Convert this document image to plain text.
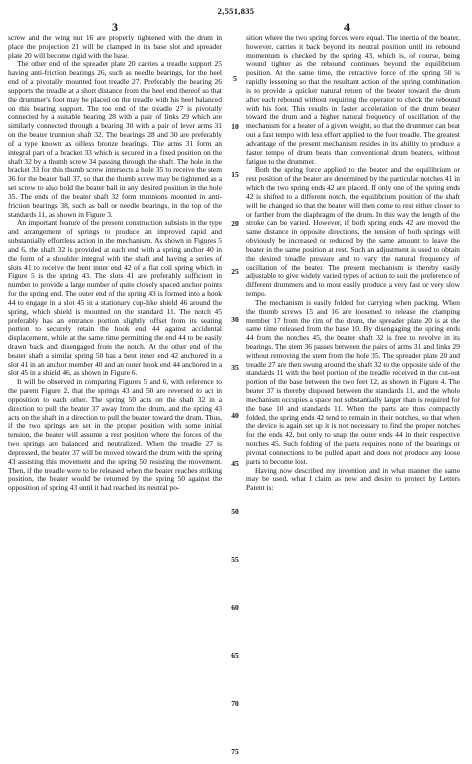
2,551,835
3	4

screw and the wing nut 16 are properly tightened with the drum in place the projection 21 will be clamped in its base slot and spreader plate 20 will become rigid with the base.

The other end of the spreader plate 20 carries a treadle support 25 having anti-friction bearings 26, such as needle bearings, for the heel end of a pivotally mounted foot treadle 27. Preferably the bearing 26 supports the treadle at a short distance from the heel end thereof so that the drummer's foot may be placed on the treadle with his heel balanced on this bearing support. The toe end of the treadle 27 is pivotally connected by a suitable bearing 28 with a pair of links 29 which are similarly connected through a bearing 30 with a pair of lever arms 31 on the beater trunnion shaft 32. The bearings 28 and 30 are preferably of a type known as oilless bronze bearings. The arms 31 form an integral part of a bracket 33 which is secured in a fixed position on the shaft 32 by a thumb screw 34 passing through the shaft. The hole in the bracket 33 for this thumb screw intersects a hole 35 to receive the stem 36 for the beater ball 37, so that the thumb screw may be tightened as a set screw to also hold the beater ball in any desired position in the hole 35. The ends of the beater shaft 32 form trunnions mounted in anti-friction bearings 38, such as ball or needle bearings, in the top of the standards 11, as shown in Figure 3.

An important feature of the present construction subsists in the type and arrangement of springs to produce an improved rapid and substantially effortless action in the mechanism. As shown in Figures 5 and 6, the shaft 32 is provided at each end with a spring anchor 40 in the form of a shoulder integral with the shaft and having a series of slots 41 to receive the bent inner end 42 of a flat coil spring which in Figure 5 is the spring 43. The slots 41 are preferably sufficient in number to provide a large number of quite closely spaced anchor points for the spring end. The outer end of the spring 43 is formed into a hook 44 to engage in a slot 45 in a stationary cup-like shield 46 around the spring, which shield is mounted on the standard 11. The notch 45 preferably has an entrance portion slightly offset from its seating portion to securely retain the hook end 44 against accidental displacement, while at the same time permitting the end 44 to be easily drawn back and disengaged from the notch. At the other end of the beater shaft a similar spring 50 has a bent inner end 42 anchored in a slot 41 in an anchor member 40 and an outer hook end 44 anchored in a slot 45 in a shield 46, as shown in Figure 6.

It will be observed in comparing Figures 5 and 6, with reference to the parent Figure 2, that the springs 43 and 50 are reversed to act in opposition to each other. The spring 50 acts on the shaft 32 in a direction to pull the beater 37 away from the drum, and the spring 43 acts on the shaft in a direction to pull the beater toward the drum. Thus, if the two springs are set in the proper position with some initial tension, the beater will assume a rest position where the forces of the two springs are balanced and neutralized. When the treadle 27 is depressed, the beater 37 will be moved toward the drum with the spring 43 assisting this movement and the spring 50 resisting the movement. Then, if the treadle were to be released when the beater reaches striking position, the beater would be returned by the spring 50 against the opposition of spring 43 until it had reached its neutral po-

5
10
15
20
25
30
35
40
45
50
55
60
65
70
75

sition where the two spring forces were equal. The inertia of the beater, however, carries it back beyond its neutral position until its rebound momentum is checked by the spring 43, which is, of course, being wound tighter as the rebound continues beyond the equilibrium position. At the same time, the retractive force of the spring 50 is rapidly lessening so that the resultant action of the spring combination is to provide a quicker natural return of the beater toward the drum after each rebound without requiring the operator to check the rebound with his foot. This results in faster acceleration of the drum beater toward the drum and a higher natural frequency of oscillation of the mechanism for a beater of a given weight, so that the drummer can beat out a fast tempo with less effort applied to the foot treadle. The greatest advantage of the present mechanism resides in its ability to produce a faster tempo of drum beats than conventional drum beaters, without fatigue to the drummer.

Both the spring force applied to the beater and the equilibrium or rest position of the beater are determined by the particular notches 41 in which the two spring ends 42 are placed. If only one of the spring ends 42 is shifted to a different notch, the equilibrium position of the shaft will be changed so that the beater will then come to rest either closer to or farther from the diaphragm of the drum. In this way the length of the stroke can be varied. However, if both spring ends 42 are moved the same distance in opposite directions, the tension of both springs will obviously be increased or reduced by the same amount to leave the beater in the same position at rest. Such an adjustment is used to obtain the desired treadle pressure and to vary the natural frequency of oscillation of the beater. The present mechanism is thereby easily adjustable to give widely varied types of action to suit the preference of different drummers and to most easily produce a very fast or very slow tempo.

The mechanism is easily folded for carrying when packing. When the thumb screws 15 and 16 are loosened to release the clamping member 17 from the rim of the drum, the spreader plate 20 is at the same time released from the base 10. By disengaging the spring ends 44 from the notches 45, the beater shaft 32 is free to revolve in its bearings. The stem 36 passes between the pairs of arms 31 and links 29 without removing the stem from the hole 35. The spreader plate 20 and treadle 27 are then swung around the shaft 32 to the opposite side of the standards 11 with the heel portion of the treadle received in the cut-out portion of the base between the two feet 12, as shown in Figure 4. The beater 37 is thereby disposed between the standards 11, and the whole mechanism occupies a space not substantially larger than is required for the base 10 and standards 11. When the parts are thus compactly folded, the spring ends 42 tend to remain in their notches, so that when the device is again set up it is not necessary to find the proper notches for the ends 42, but only to snap the outer ends 44 in their respective notches 45. Such folding of the parts requires none of the bearings or pivotal connections to be pulled apart and does not produce any loose parts to become lost.

Having now described my invention and in what manner the same may be used, what I claim as new and desire to protect by Letters Patent is:
